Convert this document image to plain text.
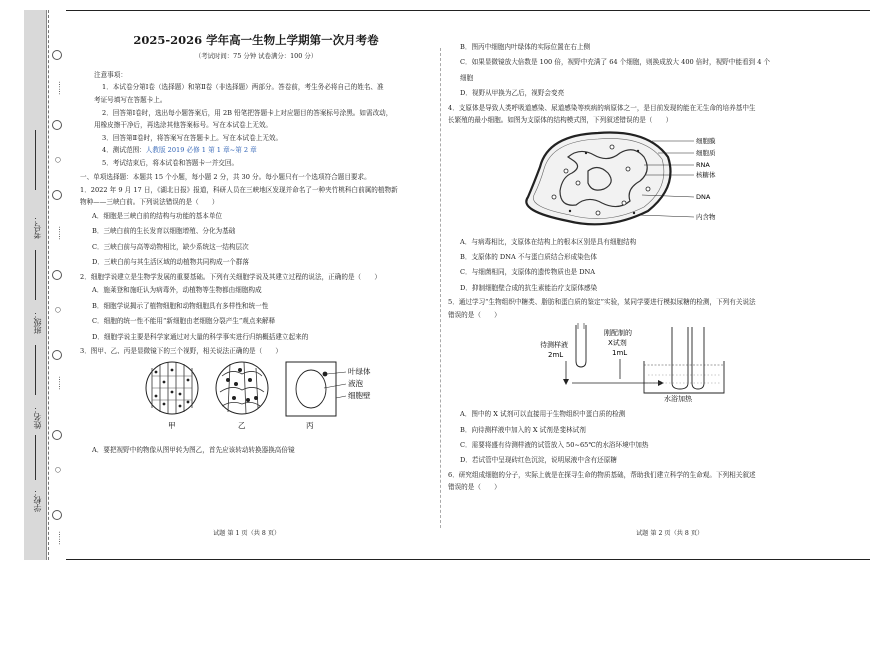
考号：
班级：
姓名：
学校：
……
○
……
○
……
○
……
2025-2026 学年高一生物上学期第一次月考卷
（考试时间：75 分钟 试卷满分：100 分）

注意事项：

1．本试卷分第Ⅰ卷（选择题）和第Ⅱ卷（非选择题）两部分。答卷前，考生务必将自己的姓名、准

考证号填写在答题卡上。

2．回答第Ⅰ卷时，选出每小题答案后，用 2B 铅笔把答题卡上对应题目的答案标号涂黑。如需改动，

用橡皮擦干净后，再选涂其他答案标号。写在本试卷上无效。

3．回答第Ⅱ卷时，将答案写在答题卡上。写在本试卷上无效。

4．测试范围：人教版 2019 必修 1 第 1 章~第 2 章

5．考试结束后，将本试卷和答题卡一并交回。

一、单项选择题：本题共 15 个小题，每小题 2 分，共 30 分。每小题只有一个选项符合题目要求。

1．2022 年 9 月 17 日，《湖北日报》报道，科研人员在三峡地区发现并命名了一种夹竹桃科白前属的植物新

物种——三峡白前。下列说法错误的是（　　）

A．细胞是三峡白前的结构与功能的基本单位

B．三峡白前的生长发育以细胞增殖、分化为基础

C．三峡白前与高等动物相比，缺少系统这一结构层次

D．三峡白前与其生活区域的动植物共同构成一个群落

2．细胞学说建立是生物学发展的重要基础。下列有关细胞学说及其建立过程的说法，正确的是（　　）

A．施莱登和施旺认为病毒外，动植物等生物都由细胞构成

B．细胞学说揭示了植物细胞和动物细胞具有多样性和统一性

C．细胞的统一性不能用“新细胞由老细胞分裂产生”观点来解释

D．细胞学说主要是科学家通过对大量的科学事实进行归纳概括建立起来的

3．图甲、乙、丙是显微镜下的三个视野，相关说法正确的是（　　）

叶绿体
液泡
细胞壁
甲	乙	丙

A．要把视野中的物像从图甲转为图乙，首先应该转动转换器换高倍镜

B．图丙中细胞内叶绿体的实际位置在右上侧

C．如果显微镜放大倍数是 100 倍，视野中充满了 64 个细胞，则换成放大 400 倍时，视野中能看到 4 个

细胞

D．视野从甲换为乙后，视野会变亮

4．支原体是导致人类呼吸道感染、尿道感染等疾病的病原体之一，是目前发现的能在无生命的培养基中生

长繁殖的最小细胞。如图为支原体的结构模式图，下列叙述错误的是（　　）

细胞膜
细胞质
RNA
核糖体
DNA
内含物

A．与病毒相比，支原体在结构上的根本区别是具有细胞结构

B．支原体的 DNA 不与蛋白质结合形成染色体

C．与细菌相同，支原体的遗传物质也是 DNA

D．抑制细胞壁合成的抗生素能治疗支原体感染

5．通过学习“生物组织中糖类、脂肪和蛋白质的鉴定”实验，某同学要进行模拟尿糖的检测，下列有关说法

错误的是（　　）

待测样液
2mL
刚配制的
X试剂
1mL
水浴加热

A．图中的 X 试剂可以直接用于生物组织中蛋白质的检测

B．向待测样液中加入的 X 试剂是斐林试剂

C．需要将盛有待测样液的试管放入 50~65℃的水浴环境中加热

D．若试管中呈现砖红色沉淀，说明尿液中含有还原糖

6．研究组成细胞的分子，实际上就是在探寻生命的物质基础，帮助我们建立科学的生命观。下列相关叙述

错误的是（　　）

试题 第 1 页（共 8 页）	试题 第 2 页（共 8 页）
